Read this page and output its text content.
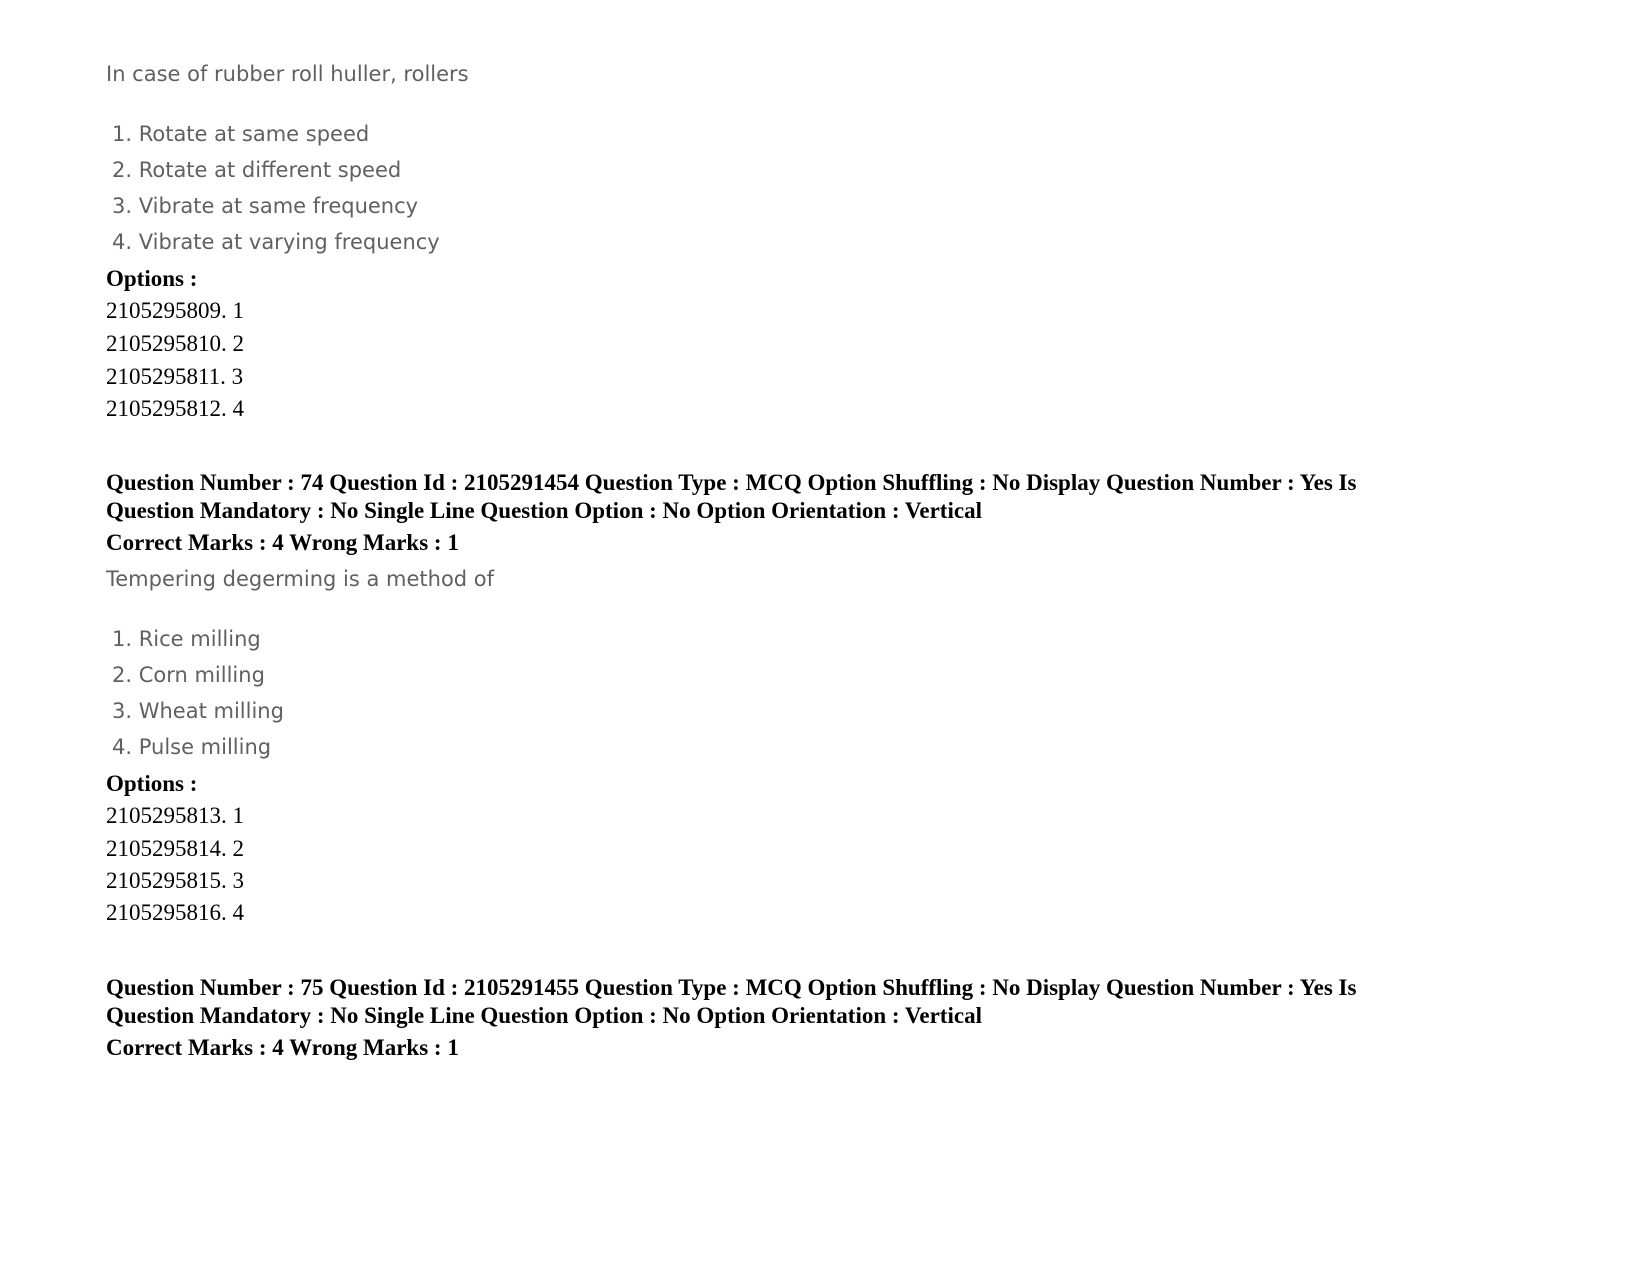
In case of rubber roll huller, rollers
1. Rotate at same speed
2. Rotate at different speed
3. Vibrate at same frequency
4. Vibrate at varying frequency
Options :
2105295809. 1
2105295810. 2
2105295811. 3
2105295812. 4
Question Number : 74 Question Id : 2105291454 Question Type : MCQ Option Shuffling : No Display Question Number : Yes Is
Question Mandatory : No Single Line Question Option : No Option Orientation : Vertical
Correct Marks : 4 Wrong Marks : 1
Tempering degerming is a method of
1. Rice milling
2. Corn milling
3. Wheat milling
4. Pulse milling
Options :
2105295813. 1
2105295814. 2
2105295815. 3
2105295816. 4
Question Number : 75 Question Id : 2105291455 Question Type : MCQ Option Shuffling : No Display Question Number : Yes Is
Question Mandatory : No Single Line Question Option : No Option Orientation : Vertical
Correct Marks : 4 Wrong Marks : 1
